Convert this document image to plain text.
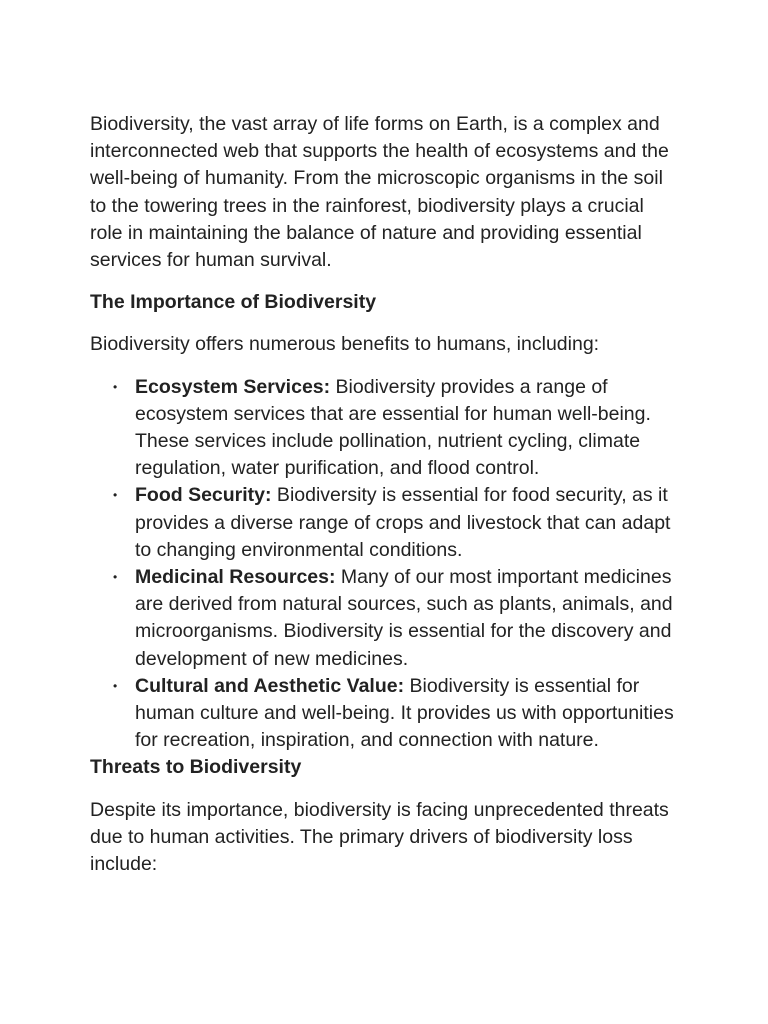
Biodiversity, the vast array of life forms on Earth, is a complex and interconnected web that supports the health of ecosystems and the well-being of humanity. From the microscopic organisms in the soil to the towering trees in the rainforest, biodiversity plays a crucial role in maintaining the balance of nature and providing essential services for human survival.

The Importance of Biodiversity

Biodiversity offers numerous benefits to humans, including:

• Ecosystem Services: Biodiversity provides a range of ecosystem services that are essential for human well-being. These services include pollination, nutrient cycling, climate regulation, water purification, and flood control.
• Food Security: Biodiversity is essential for food security, as it provides a diverse range of crops and livestock that can adapt to changing environmental conditions.
• Medicinal Resources: Many of our most important medicines are derived from natural sources, such as plants, animals, and microorganisms. Biodiversity is essential for the discovery and development of new medicines.
• Cultural and Aesthetic Value: Biodiversity is essential for human culture and well-being. It provides us with opportunities for recreation, inspiration, and connection with nature.
Threats to Biodiversity

Despite its importance, biodiversity is facing unprecedented threats due to human activities. The primary drivers of biodiversity loss include:
